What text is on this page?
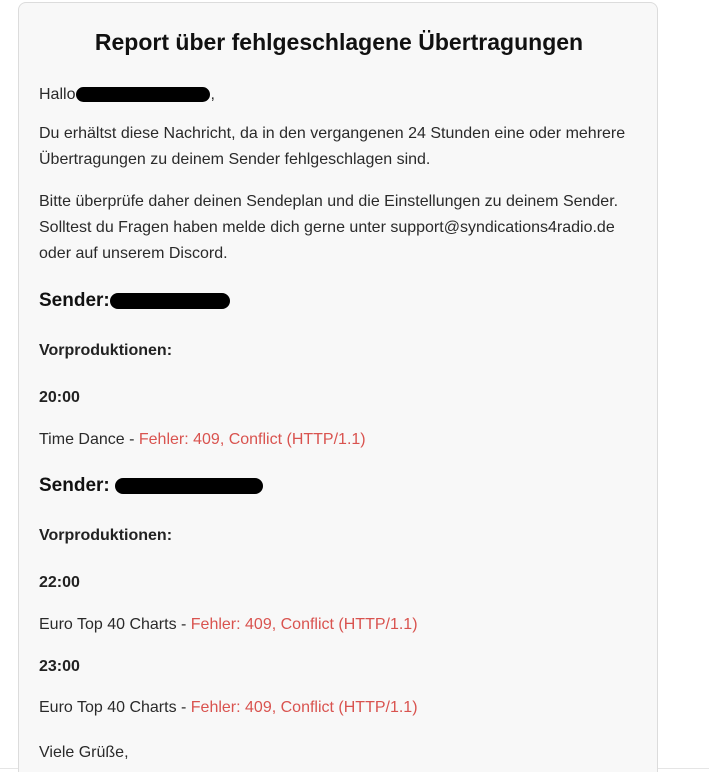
Report über fehlgeschlagene Übertragungen

Hallo	,

Du erhältst diese Nachricht, da in den vergangenen 24 Stunden eine oder mehrere Übertragungen zu deinem Sender fehlgeschlagen sind.

Bitte überprüfe daher deinen Sendeplan und die Einstellungen zu deinem Sender. Solltest du Fragen haben melde dich gerne unter support@syndications4radio.de oder auf unserem Discord.

Sender:

Vorproduktionen:

20:00

Time Dance - Fehler: 409, Conflict (HTTP/1.1)

Sender:

Vorproduktionen:

22:00

Euro Top 40 Charts - Fehler: 409, Conflict (HTTP/1.1)

23:00

Euro Top 40 Charts - Fehler: 409, Conflict (HTTP/1.1)

Viele Grüße,
